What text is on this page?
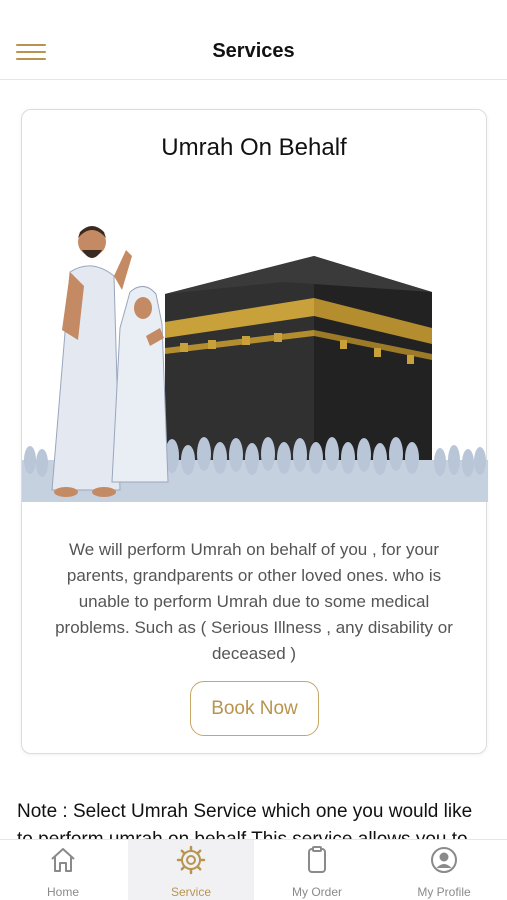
Services
Umrah On Behalf
We will perform Umrah on behalf of you , for your parents, grandparents or other loved ones. who is unable to perform Umrah due to some medical problems. Such as ( Serious Illness , any disability or deceased )
Book Now
Note : Select Umrah Service which one you would like
Home	Service	My Order	My Profile
